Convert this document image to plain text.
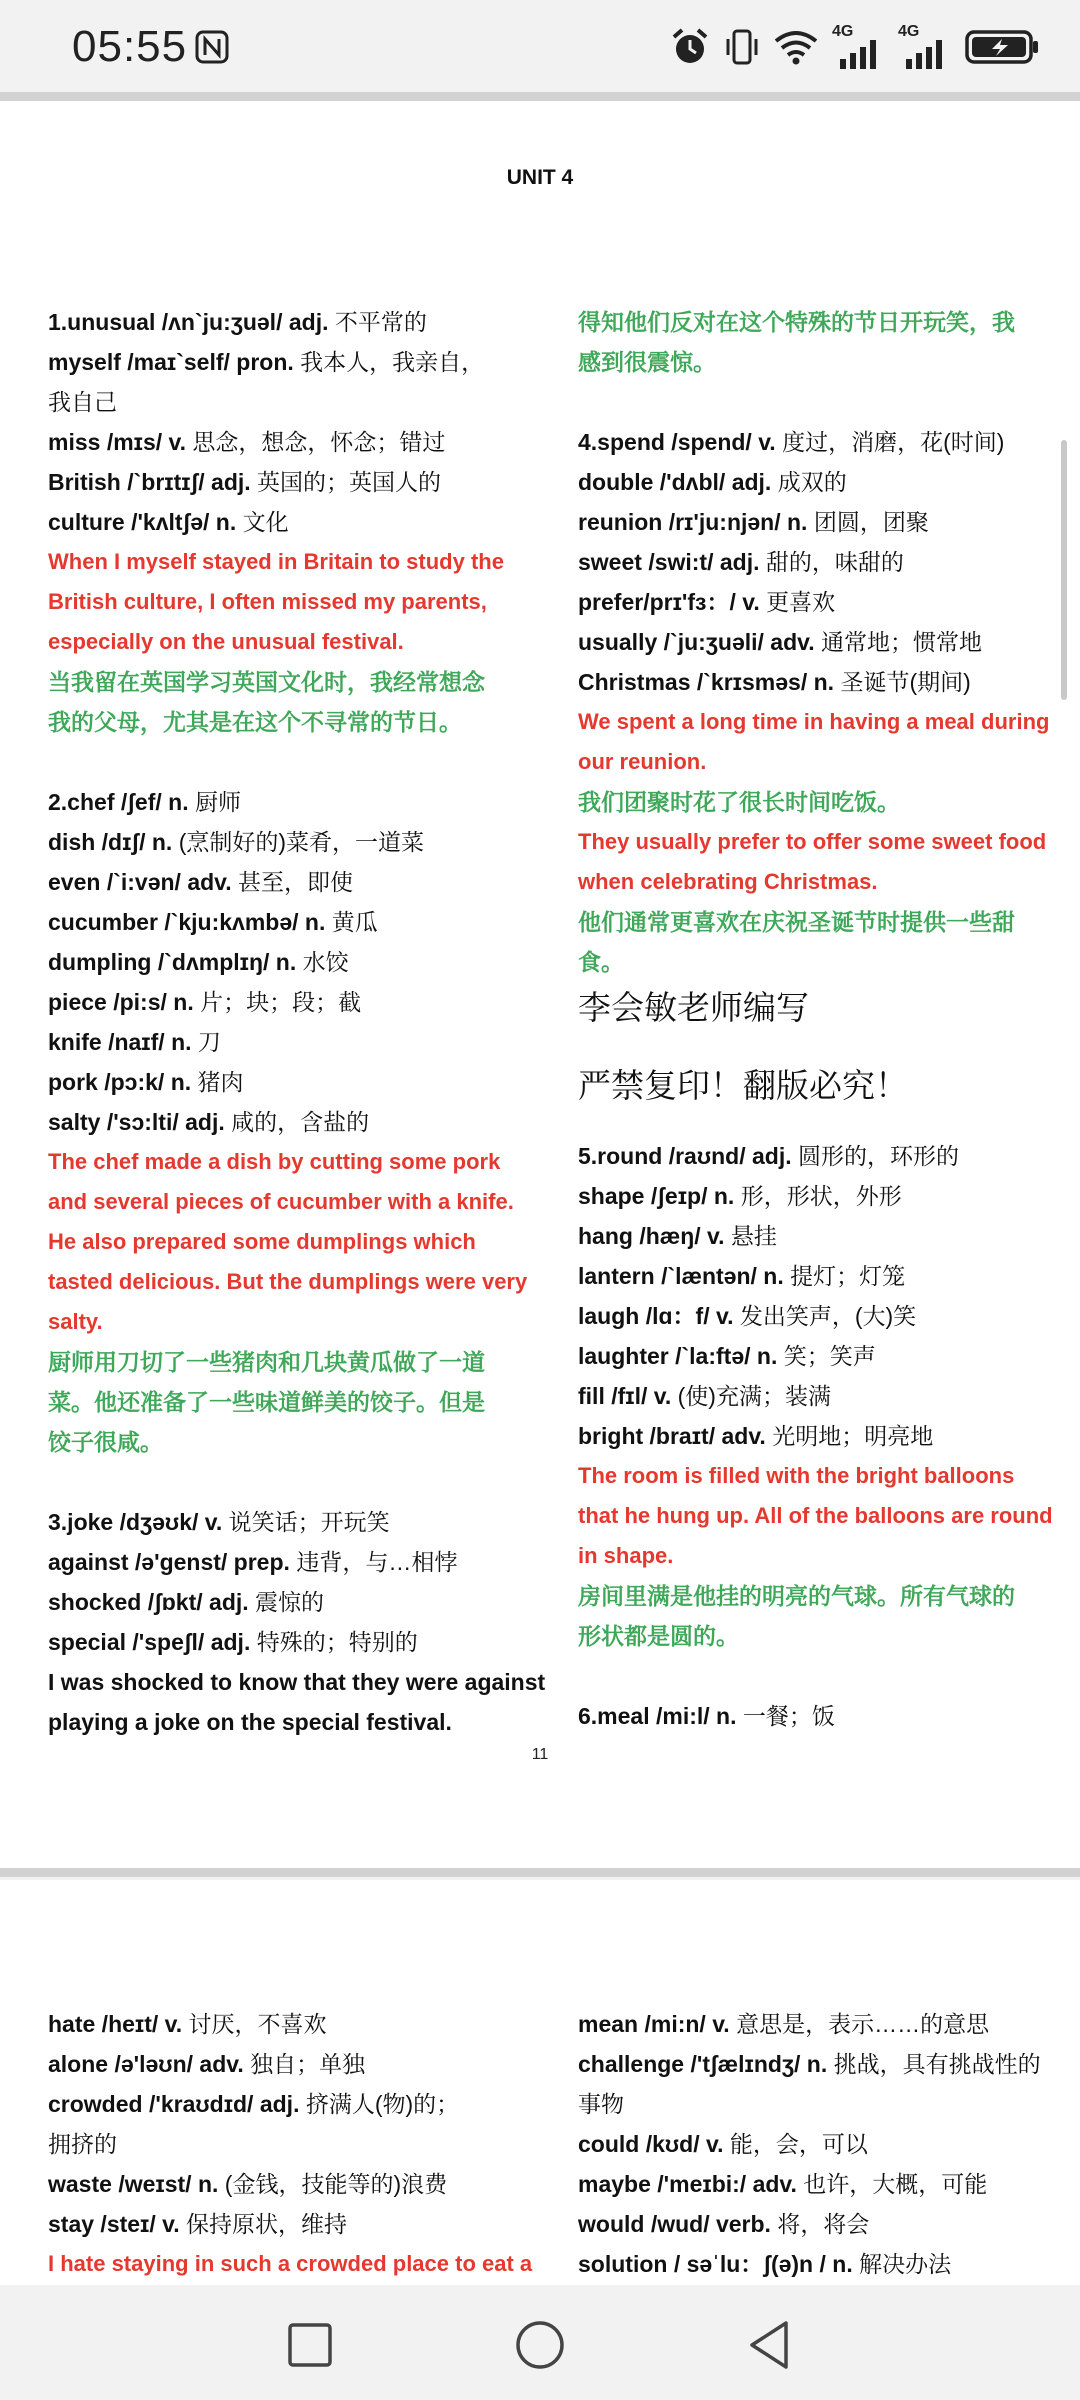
05:55	4G	4G
UNIT 4
1.unusual /ʌn`ju:ʒuəl/ adj. 不平常的
myself /maɪ`self/ pron. 我本人，我亲自，
我自己
miss /mɪs/ v. 思念，想念，怀念；错过
British /`brɪtɪʃ/ adj. 英国的；英国人的
culture /'kʌltʃə/ n. 文化
When I myself stayed in Britain to study the
British culture, I often missed my parents,
especially on the unusual festival.
当我留在英国学习英国文化时，我经常想念
我的父母，尤其是在这个不寻常的节日。
2.chef /ʃef/ n. 厨师
dish /dɪʃ/ n. (烹制好的)菜肴，一道菜
even /`i:vən/ adv. 甚至，即使
cucumber /`kju:kʌmbə/ n. 黄瓜
dumpling /`dʌmplɪŋ/ n. 水饺
piece /pi:s/ n. 片；块；段；截
knife /naɪf/ n. 刀
pork /pɔ:k/ n. 猪肉
salty /'sɔ:lti/ adj. 咸的，含盐的
The chef made a dish by cutting some pork
and several pieces of cucumber with a knife.
He also prepared some dumplings which
tasted delicious. But the dumplings were very
salty.
厨师用刀切了一些猪肉和几块黄瓜做了一道
菜。他还准备了一些味道鲜美的饺子。但是
饺子很咸。
3.joke /dʒəʊk/ v. 说笑话；开玩笑
against /ə'genst/ prep. 违背，与…相悖
shocked /ʃɒkt/ adj. 震惊的
special /'speʃl/ adj. 特殊的；特别的
I was shocked to know that they were against
playing a joke on the special festival.
得知他们反对在这个特殊的节日开玩笑，我
感到很震惊。
4.spend /spend/ v. 度过，消磨，花(时间)
double /'dʌbl/ adj. 成双的
reunion /rɪ'ju:njən/ n. 团圆，团聚
sweet /swi:t/ adj. 甜的，味甜的
prefer/prɪ'fɜ：/ v. 更喜欢
usually /`ju:ʒuəli/ adv. 通常地；惯常地
Christmas /`krɪsməs/ n. 圣诞节(期间)
We spent a long time in having a meal during
our reunion.
我们团聚时花了很长时间吃饭。
They usually prefer to offer some sweet food
when celebrating Christmas.
他们通常更喜欢在庆祝圣诞节时提供一些甜
食。
李会敏老师编写
严禁复印！翻版必究！
5.round /raʊnd/ adj. 圆形的，环形的
shape /ʃeɪp/ n. 形，形状，外形
hang /hæŋ/ v. 悬挂
lantern /`læntən/ n. 提灯；灯笼
laugh /lɑ：f/ v. 发出笑声，(大)笑
laughter /`la:ftə/ n. 笑；笑声
fill /fɪl/ v. (使)充满；装满
bright /braɪt/ adv. 光明地；明亮地
The room is filled with the bright balloons
that he hung up. All of the balloons are round
in shape.
房间里满是他挂的明亮的气球。所有气球的
形状都是圆的。
6.meal /mi:l/ n. 一餐；饭
11
hate /heɪt/ v. 讨厌，不喜欢
alone /ə'ləʊn/ adv. 独自；单独
crowded /'kraʊdɪd/ adj. 挤满人(物)的；
拥挤的
waste /weɪst/ n. (金钱，技能等的)浪费
stay /steɪ/ v. 保持原状，维持
I hate staying in such a crowded place to eat a
mean /mi:n/ v. 意思是，表示……的意思
challenge /'tʃælɪndʒ/ n. 挑战，具有挑战性的
事物
could /kʊd/ v. 能，会，可以
maybe /'meɪbi:/ adv. 也许，大概，可能
would /wud/ verb. 将，将会
solution / səˈlu：ʃ(ə)n / n. 解决办法
